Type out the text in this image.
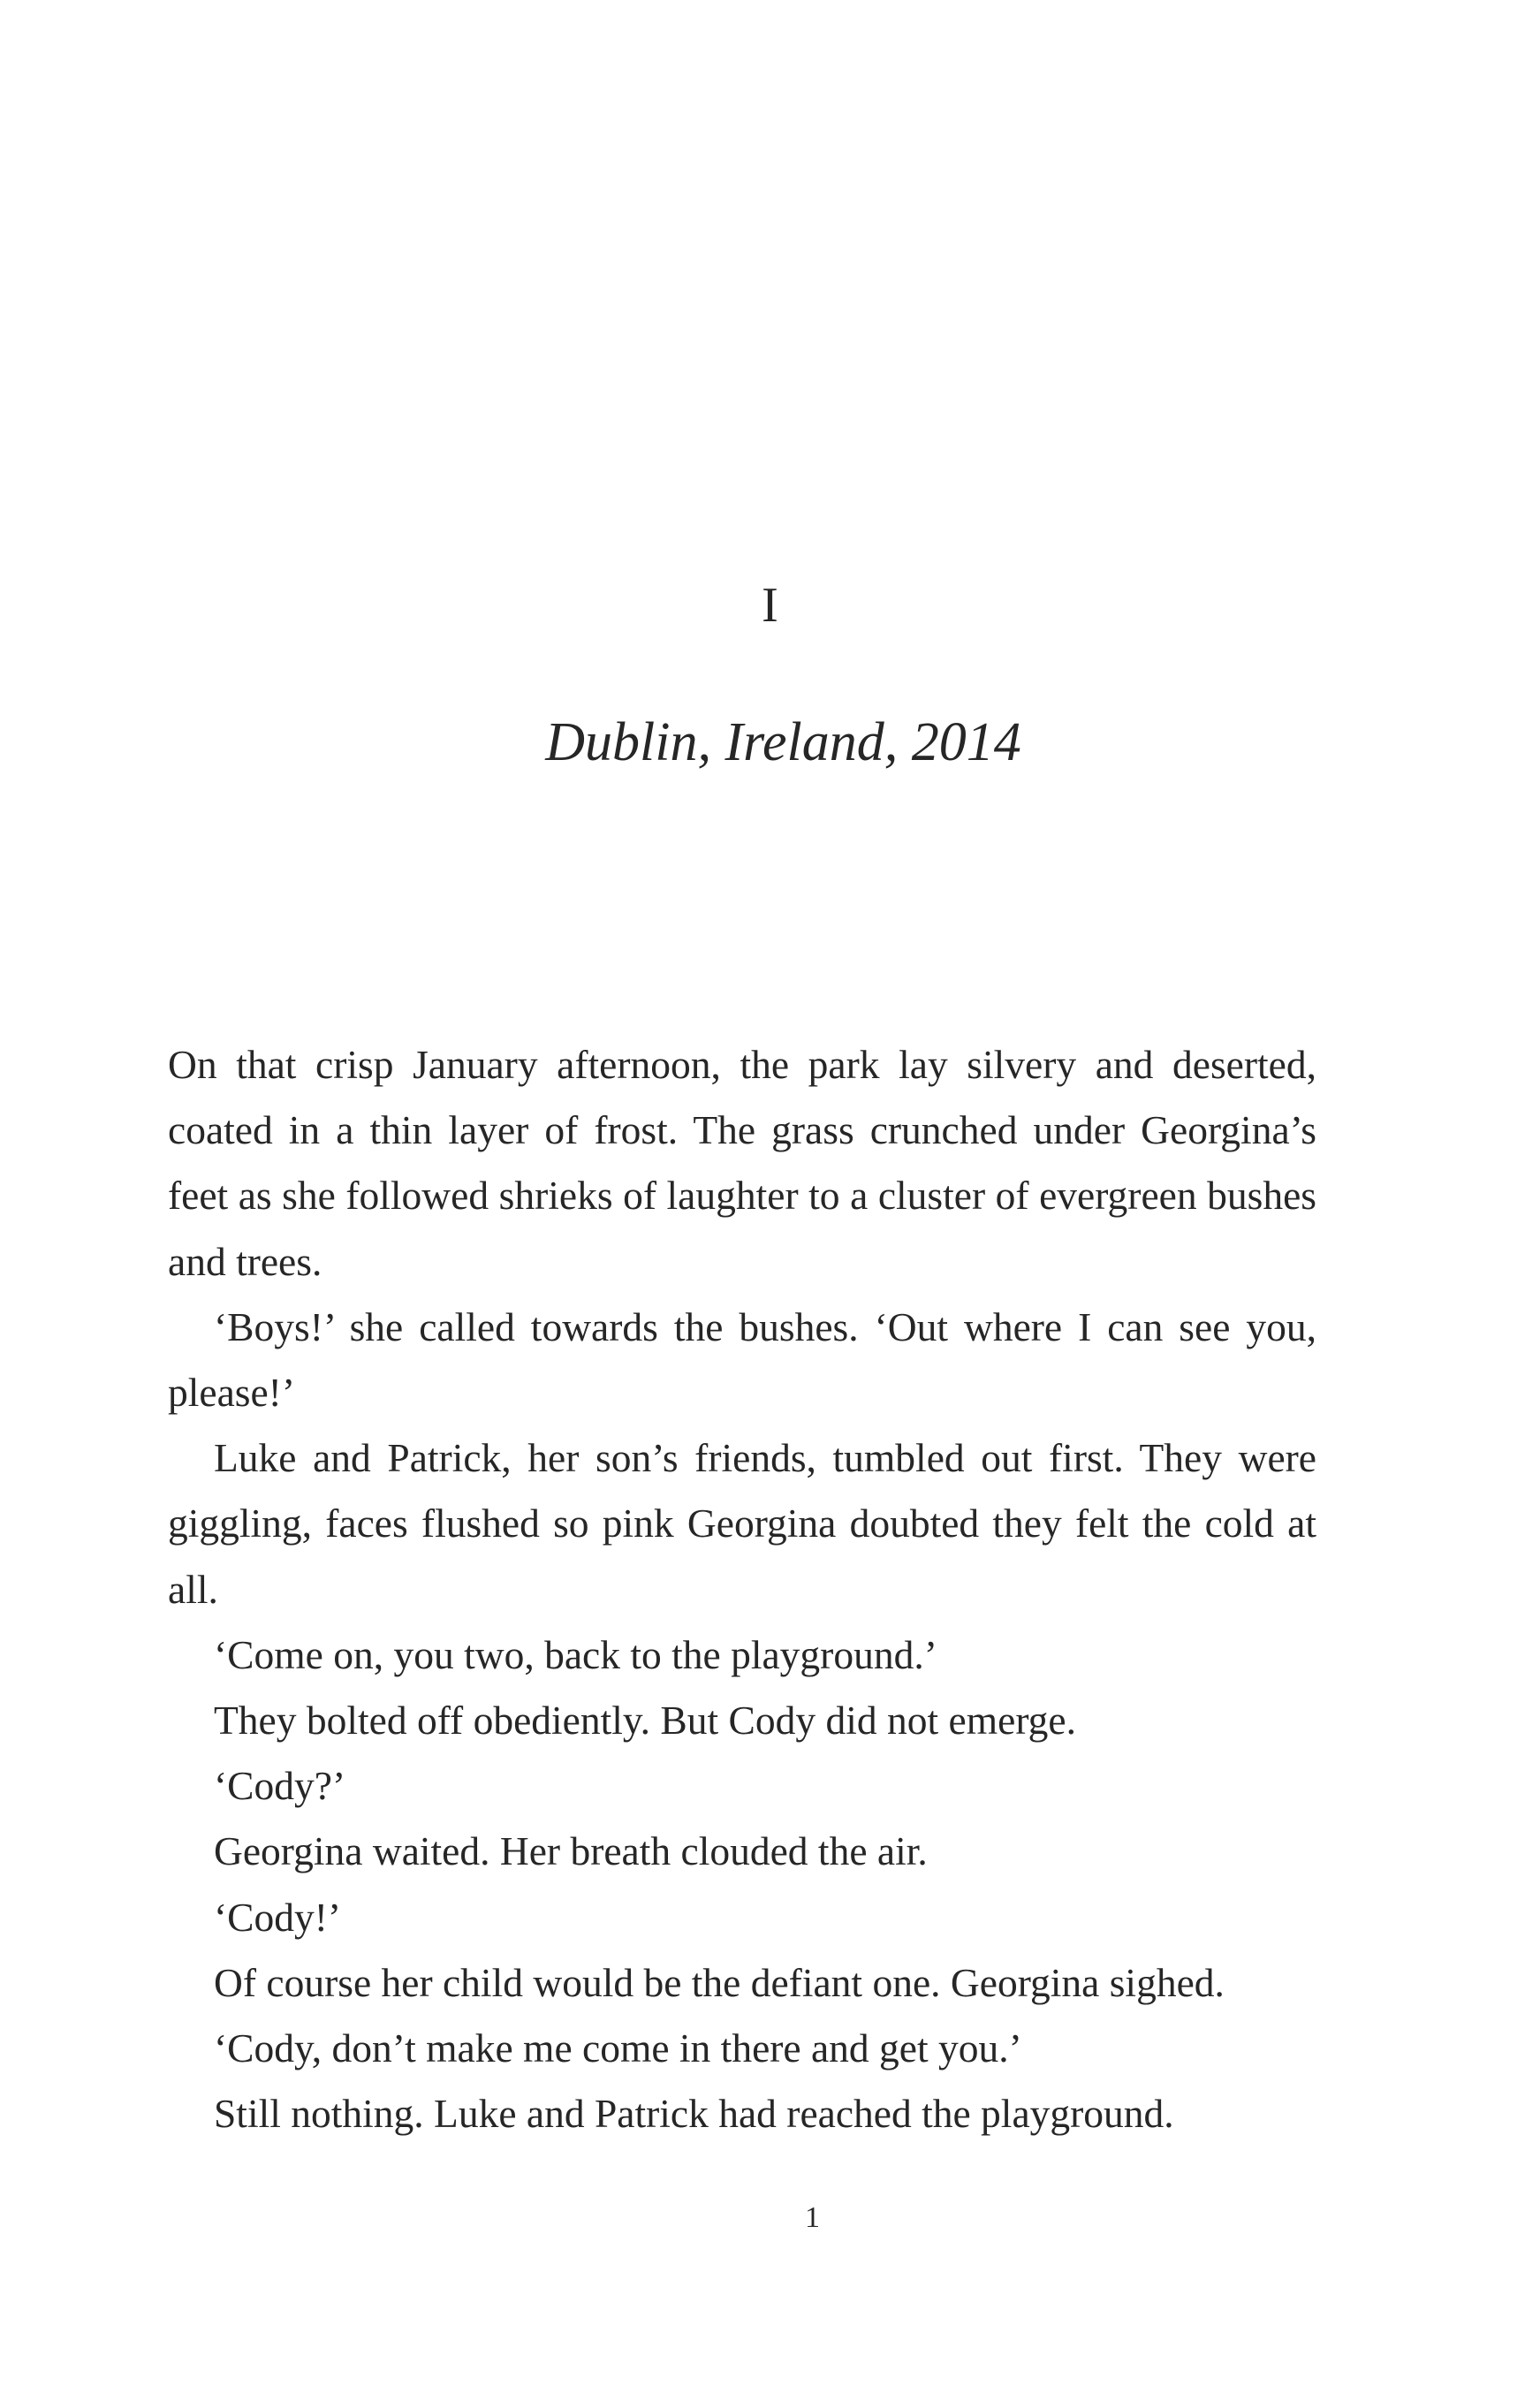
I
Dublin, Ireland, 2014

On that crisp January afternoon, the park lay silvery and deserted, coated in a thin layer of frost. The grass crunched under Georgina’s feet as she followed shrieks of laughter to a cluster of evergreen bushes and trees.

‘Boys!’ she called towards the bushes. ‘Out where I can see you, please!’

Luke and Patrick, her son’s friends, tumbled out first. They were giggling, faces flushed so pink Georgina doubted they felt the cold at all.

‘Come on, you two, back to the playground.’

They bolted off obediently. But Cody did not emerge.

‘Cody?’

Georgina waited. Her breath clouded the air.

‘Cody!’

Of course her child would be the defiant one. Georgina sighed.

‘Cody, don’t make me come in there and get you.’

Still nothing. Luke and Patrick had reached the playground.

1
